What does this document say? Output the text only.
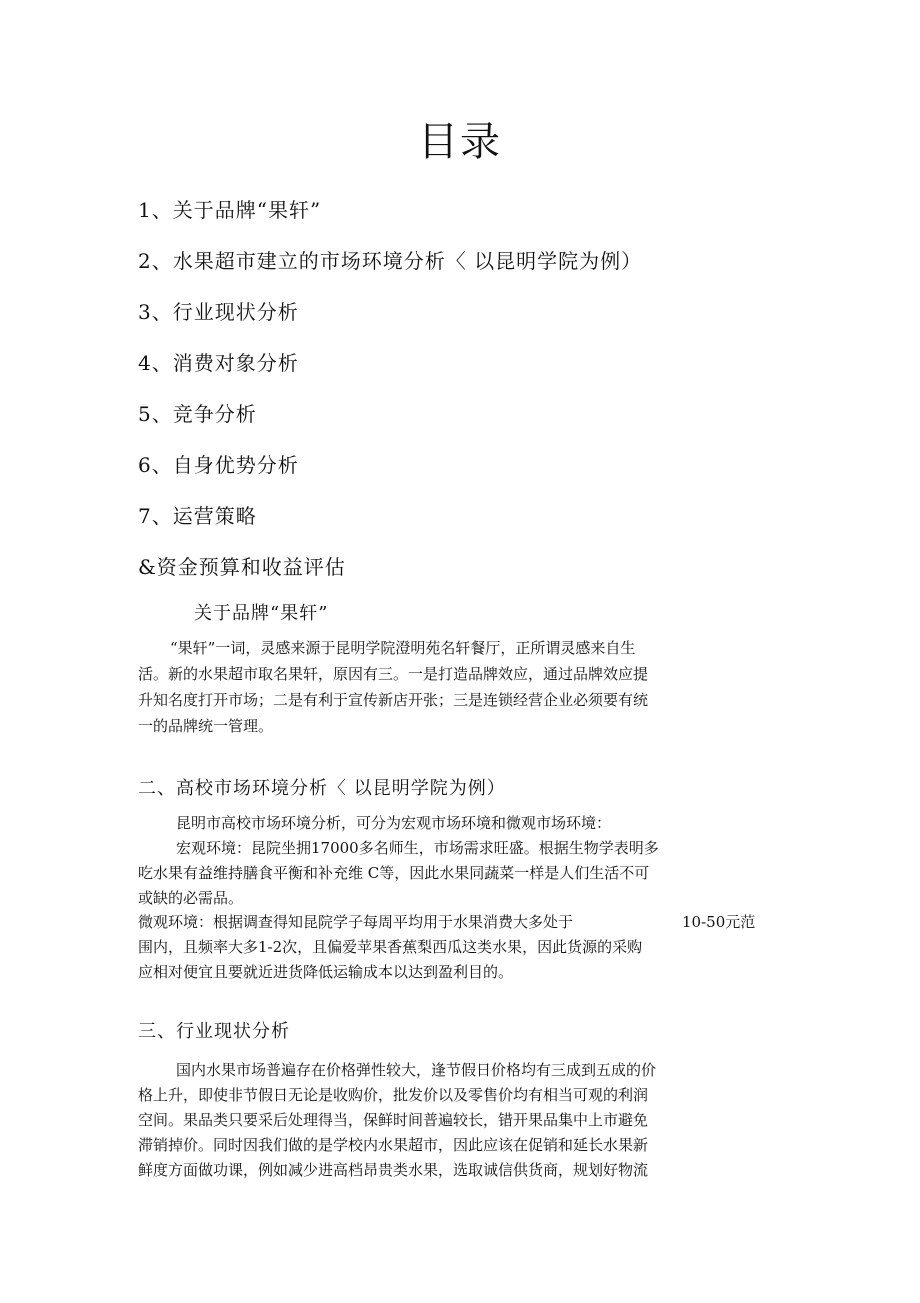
目录
1、关于品牌“果轩”
2、水果超市建立的市场环境分析〈 以昆明学院为例）
3、行业现状分析
4、消费对象分析
5、竞争分析
6、自身优势分析
7、运营策略
&资金预算和收益评估
关于品牌“果轩”
“果轩”一词，灵感来源于昆明学院澄明苑名轩餐厅，正所谓灵感来自生
活。新的水果超市取名果轩，原因有三。一是打造品牌效应，通过品牌效应提
升知名度打开市场；二是有利于宣传新店开张；三是连锁经营企业必须要有统
一的品牌统一管理。
二、高校市场环境分析〈 以昆明学院为例）
昆明市高校市场环境分析，可分为宏观市场环境和微观市场环境：
宏观环境：昆院坐拥17000多名师生，市场需求旺盛。根据生物学表明多
吃水果有益维持膳食平衡和补充维 C等，因此水果同蔬菜一样是人们生活不可
或缺的必需品。
微观环境：根据调查得知昆院学子每周平均用于水果消费大多处于	10-50元范
围内，且频率大多1-2次，且偏爱苹果香蕉梨西瓜这类水果，因此货源的采购
应相对便宜且要就近进货降低运输成本以达到盈利目的。
三、行业现状分析
国内水果市场普遍存在价格弹性较大，逢节假日价格均有三成到五成的价
格上升，即使非节假日无论是收购价，批发价以及零售价均有相当可观的利润
空间。果品类只要采后处理得当，保鲜时间普遍较长，错开果品集中上市避免
滞销掉价。同时因我们做的是学校内水果超市，因此应该在促销和延长水果新
鲜度方面做功课，例如减少进高档昂贵类水果，选取诚信供货商，规划好物流
